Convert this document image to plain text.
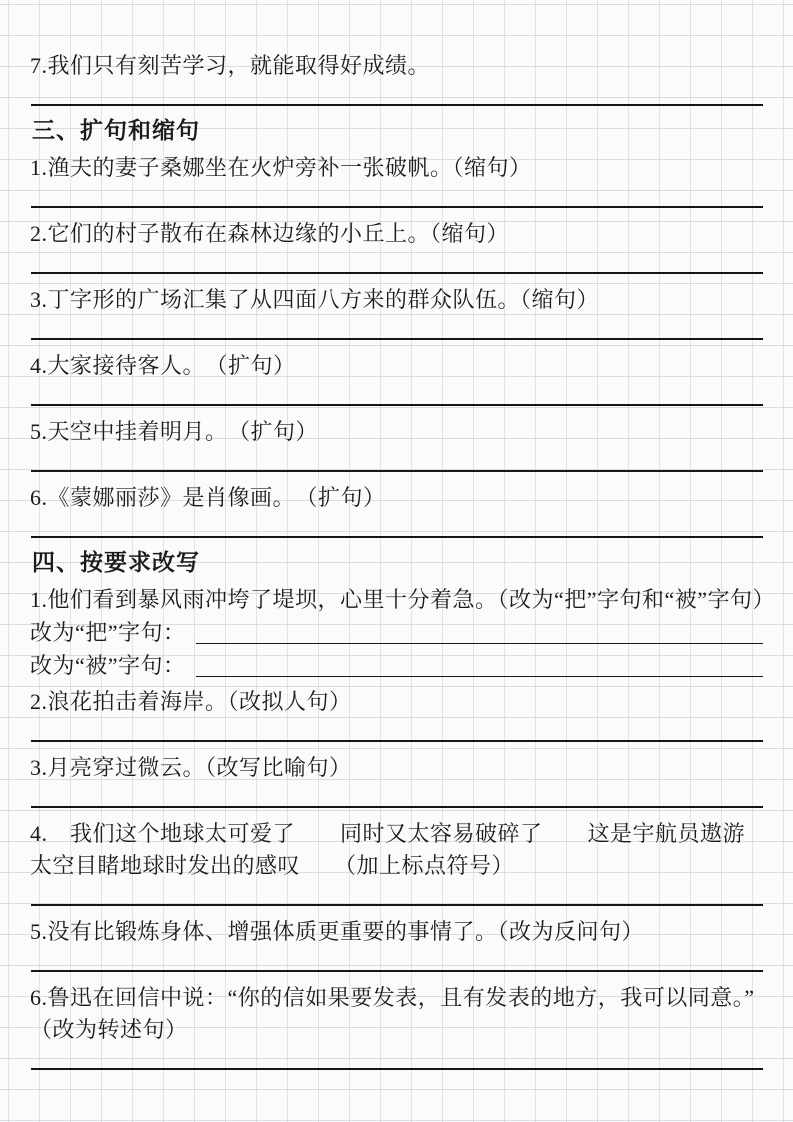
7.我们只有刻苦学习，就能取得好成绩。

三、扩句和缩句

1.渔夫的妻子桑娜坐在火炉旁补一张破帆。（缩句）

2.它们的村子散布在森林边缘的小丘上。（缩句）

3.丁字形的广场汇集了从四面八方来的群众队伍。（缩句）

4.大家接待客人。　（扩句）

5.天空中挂着明月。　（扩句）

6.《蒙娜丽莎》是肖像画。　（扩句）

四、按要求改写

1.他们看到暴风雨冲垮了堤坝，心里十分着急。（改为“把”字句和“被”字句）

改为“把”字句：
改为“被”字句：

2.浪花拍击着海岸。（改拟人句）

3.月亮穿过微云。（改写比喻句）

4.　我们这个地球太可爱了　　同时又太容易破碎了　　这是宇航员遨游太空目睹地球时发出的感叹　　（加上标点符号）

5.没有比锻炼身体、增强体质更重要的事情了。（改为反问句）

6.鲁迅在回信中说：“你的信如果要发表，且有发表的地方，我可以同意。”（改为转述句）
